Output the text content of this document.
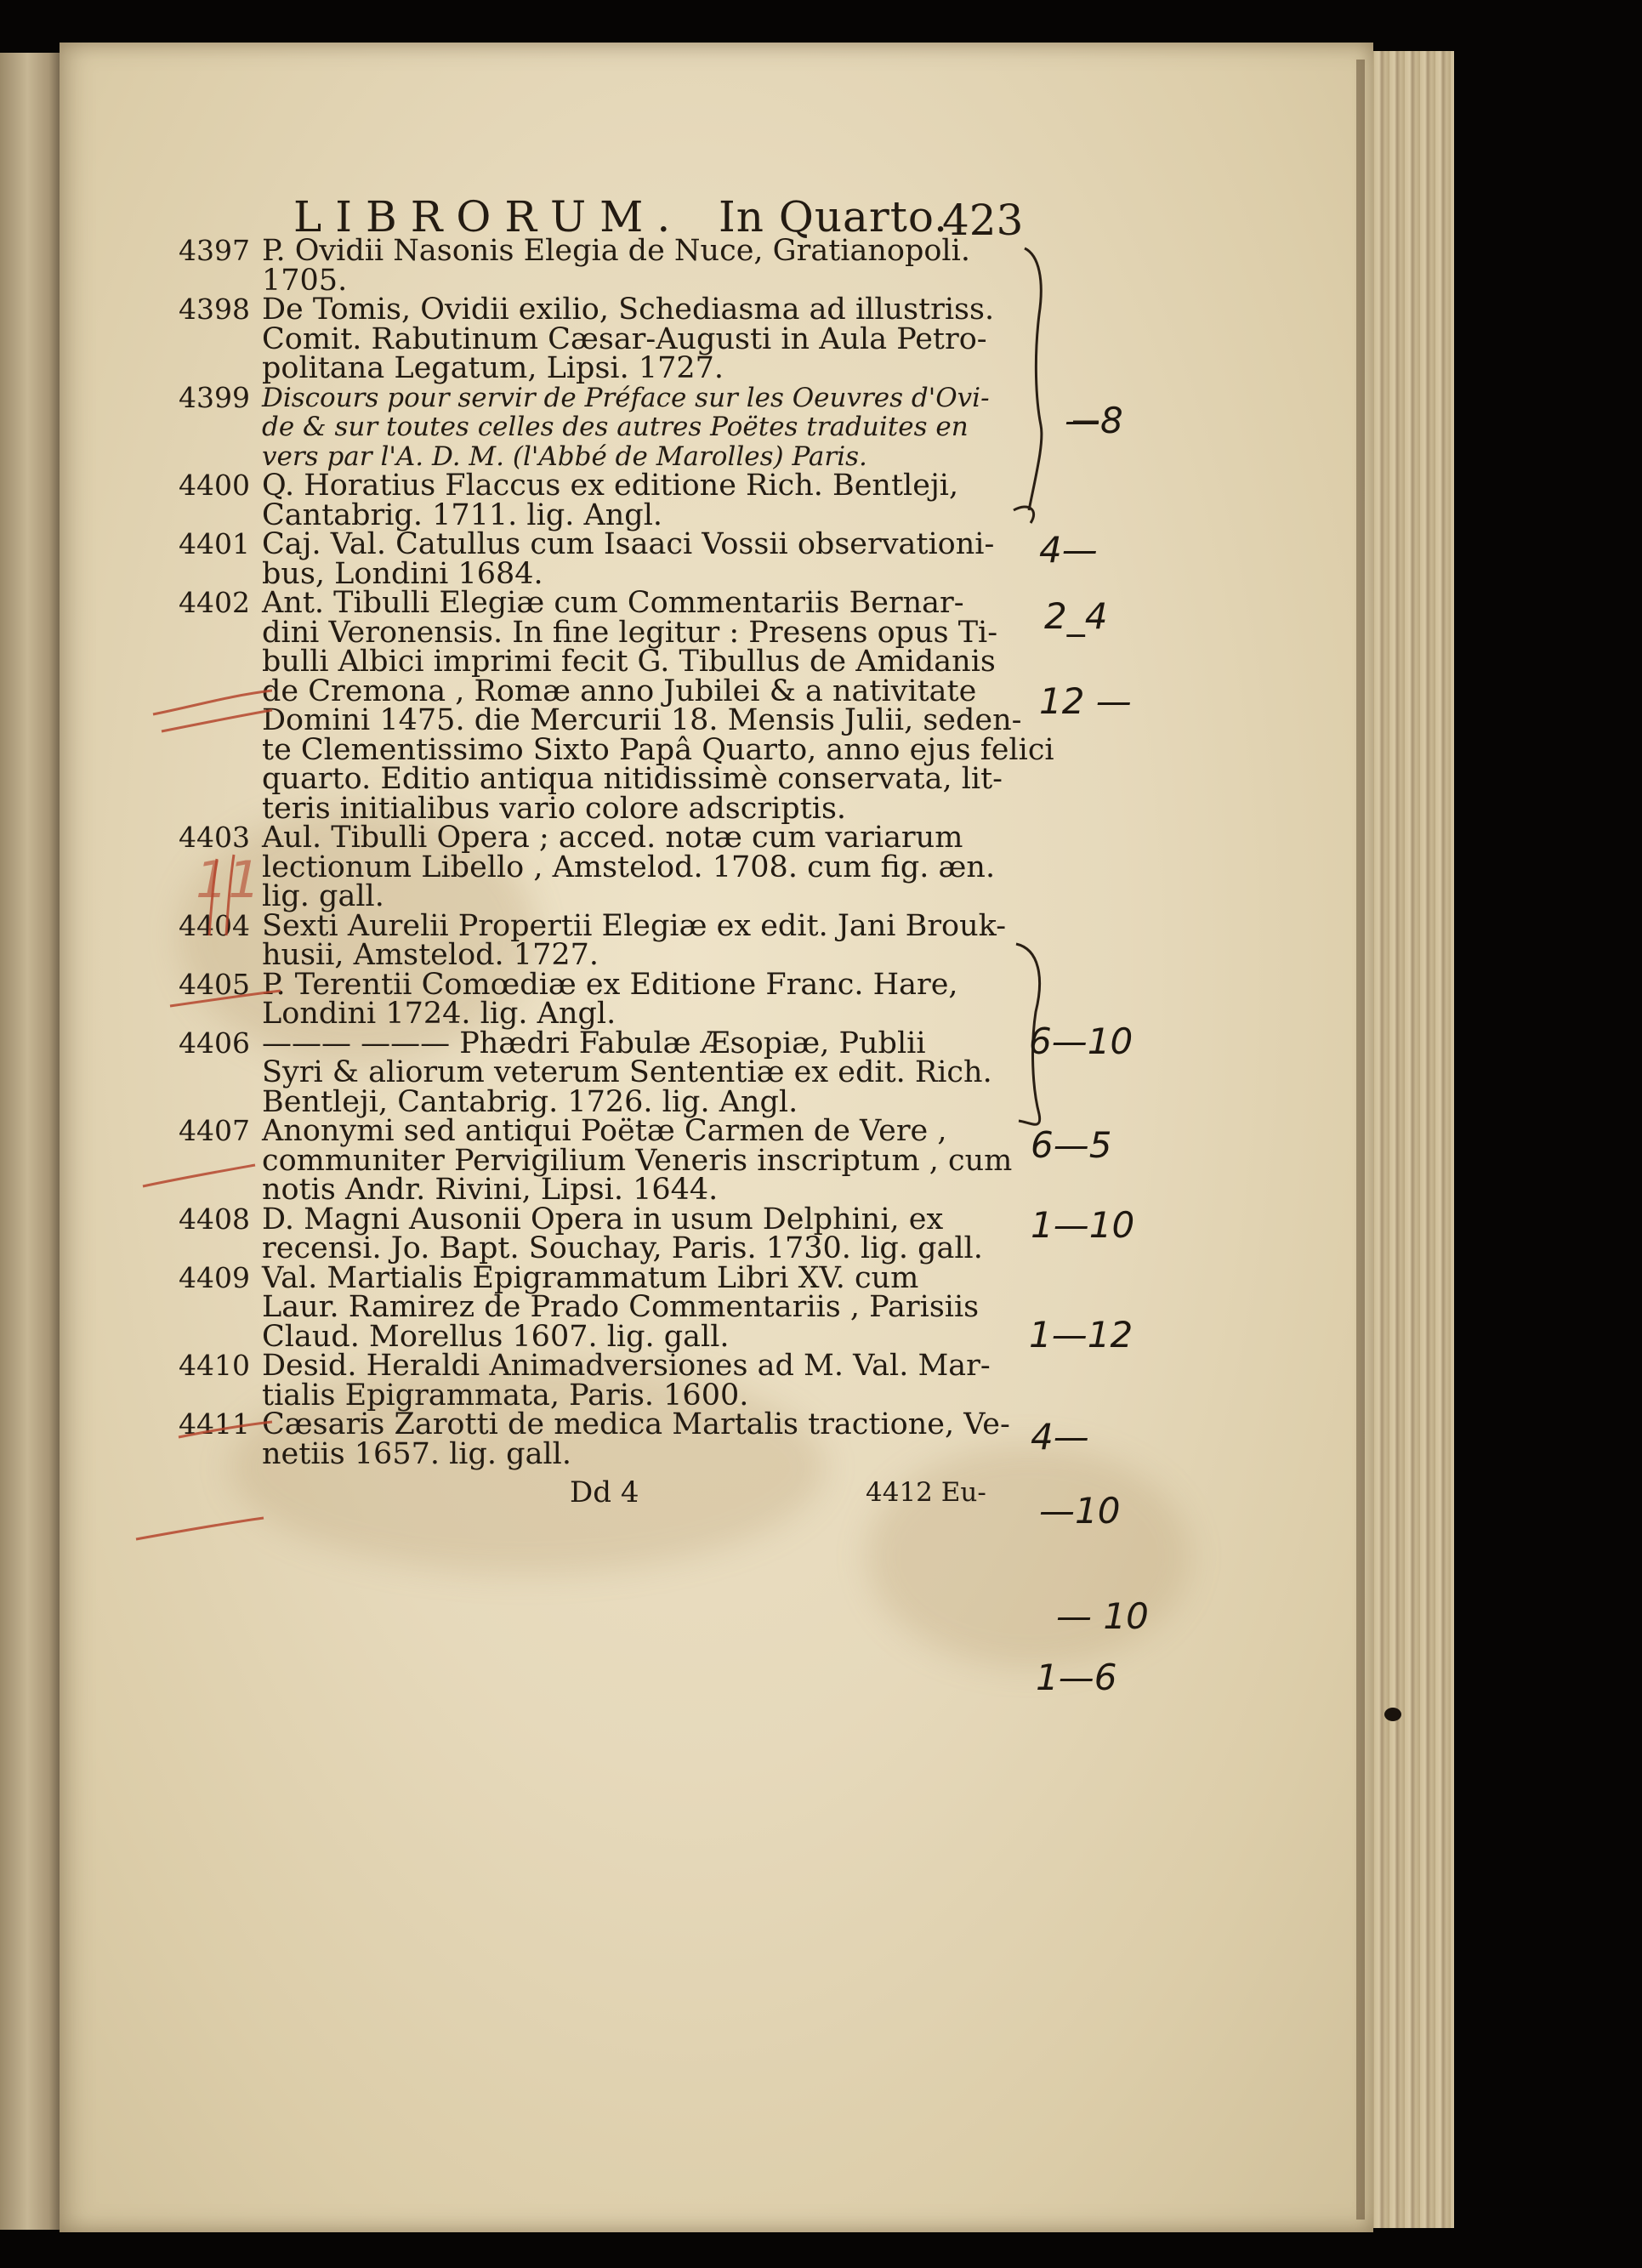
LIBRORUM. In Quarto.
423
4397 P. Ovidii Nasonis Elegia de Nuce, Gratianopoli.
1705.
4398 De Tomis, Ovidii exilio, Schediasma ad illustriss.
Comit. Rabutinum Cæsar-Augusti in Aula Petro-
politana Legatum, Lipsi. 1727.
4399 Discours pour servir de Préface sur les Oeuvres d'Ovi-
de & sur toutes celles des autres Poëtes traduites en
vers par l'A. D. M. (l'Abbé de Marolles) Paris.
4400 Q. Horatius Flaccus ex editione Rich. Bentleji,
Cantabrig. 1711. lig. Angl.
4401 Caj. Val. Catullus cum Isaaci Vossii observationi-
bus, Londini 1684.
4402 Ant. Tibulli Elegiæ cum Commentariis Bernar-
dini Veronensis. In fine legitur : Presens opus Ti-
bulli Albici imprimi fecit G. Tibullus de Amidanis
de Cremona , Romæ anno Jubilei & a nativitate
Domini 1475. die Mercurii 18. Mensis Julii, seden-
te Clementissimo Sixto Papâ Quarto, anno ejus felici
quarto. Editio antiqua nitidissimè conservata, lit-
teris initialibus vario colore adscriptis.
4403 Aul. Tibulli Opera ; acced. notæ cum variarum
lectionum Libello , Amstelod. 1708. cum fig. æn.
lig. gall.
4404 Sexti Aurelii Propertii Elegiæ ex edit. Jani Brouk-
husii, Amstelod. 1727.
4405 P. Terentii Comœdiæ ex Editione Franc. Hare,
Londini 1724. lig. Angl.
4406 ——— ——— Phædri Fabulæ Æsopiæ, Publii
Syri & aliorum veterum Sententiæ ex edit. Rich.
Bentleji, Cantabrig. 1726. lig. Angl.
4407 Anonymi sed antiqui Poëtæ Carmen de Vere ,
communiter Pervigilium Veneris inscriptum , cum
notis Andr. Rivini, Lipsi. 1644.
4408 D. Magni Ausonii Opera in usum Delphini, ex
recensi. Jo. Bapt. Souchay, Paris. 1730. lig. gall.
4409 Val. Martialis Epigrammatum Libri XV. cum
Laur. Ramirez de Prado Commentariis , Parisiis
Claud. Morellus 1607. lig. gall.
4410 Desid. Heraldi Animadversiones ad M. Val. Mar-
tialis Epigrammata, Paris. 1600.
4411 Cæsaris Zarotti de medica Martalis tractione, Ve-
netiis 1657. lig. gall.
Dd 4	4412 Eu-
—8
4—
2_4
12 —
6—10
6—5
1—10
1—12
4—
—10
— 10
1—6
11
